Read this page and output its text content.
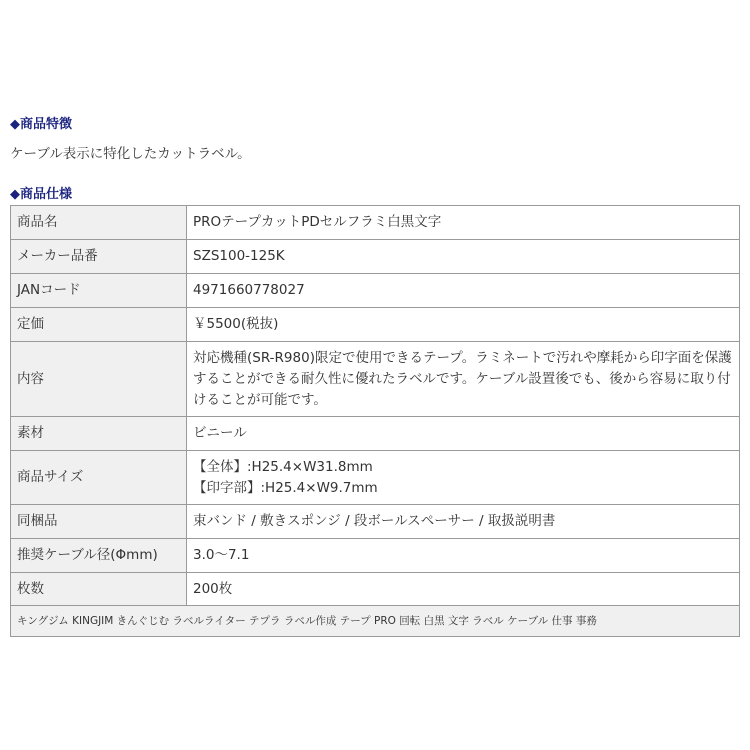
◆商品特徴

ケーブル表示に特化したカットラベル。

◆商品仕様
商品名	PROテープカットPDセルフラミ白黒文字
メーカー品番	SZS100-125K
JANコード	4971660778027
定価	￥5500(税抜)
内容	対応機種(SR-R980)限定で使用できるテープ。ラミネートで汚れや摩耗から印字面を保護することができる耐久性に優れたラベルです。ケーブル設置後でも、後から容易に取り付けることが可能です。
素材	ビニール
商品サイズ	【全体】:H25.4×W31.8mm
【印字部】:H25.4×W9.7mm

同梱品	束バンド / 敷きスポンジ / 段ボールスペーサー / 取扱説明書
推奨ケーブル径(Φmm)	3.0〜7.1
枚数	200枚
キングジム KINGJIM きんぐじむ ラベルライター テプラ ラベル作成 テープ PRO 回転 白黒 文字 ラベル ケーブル 仕事 事務	
